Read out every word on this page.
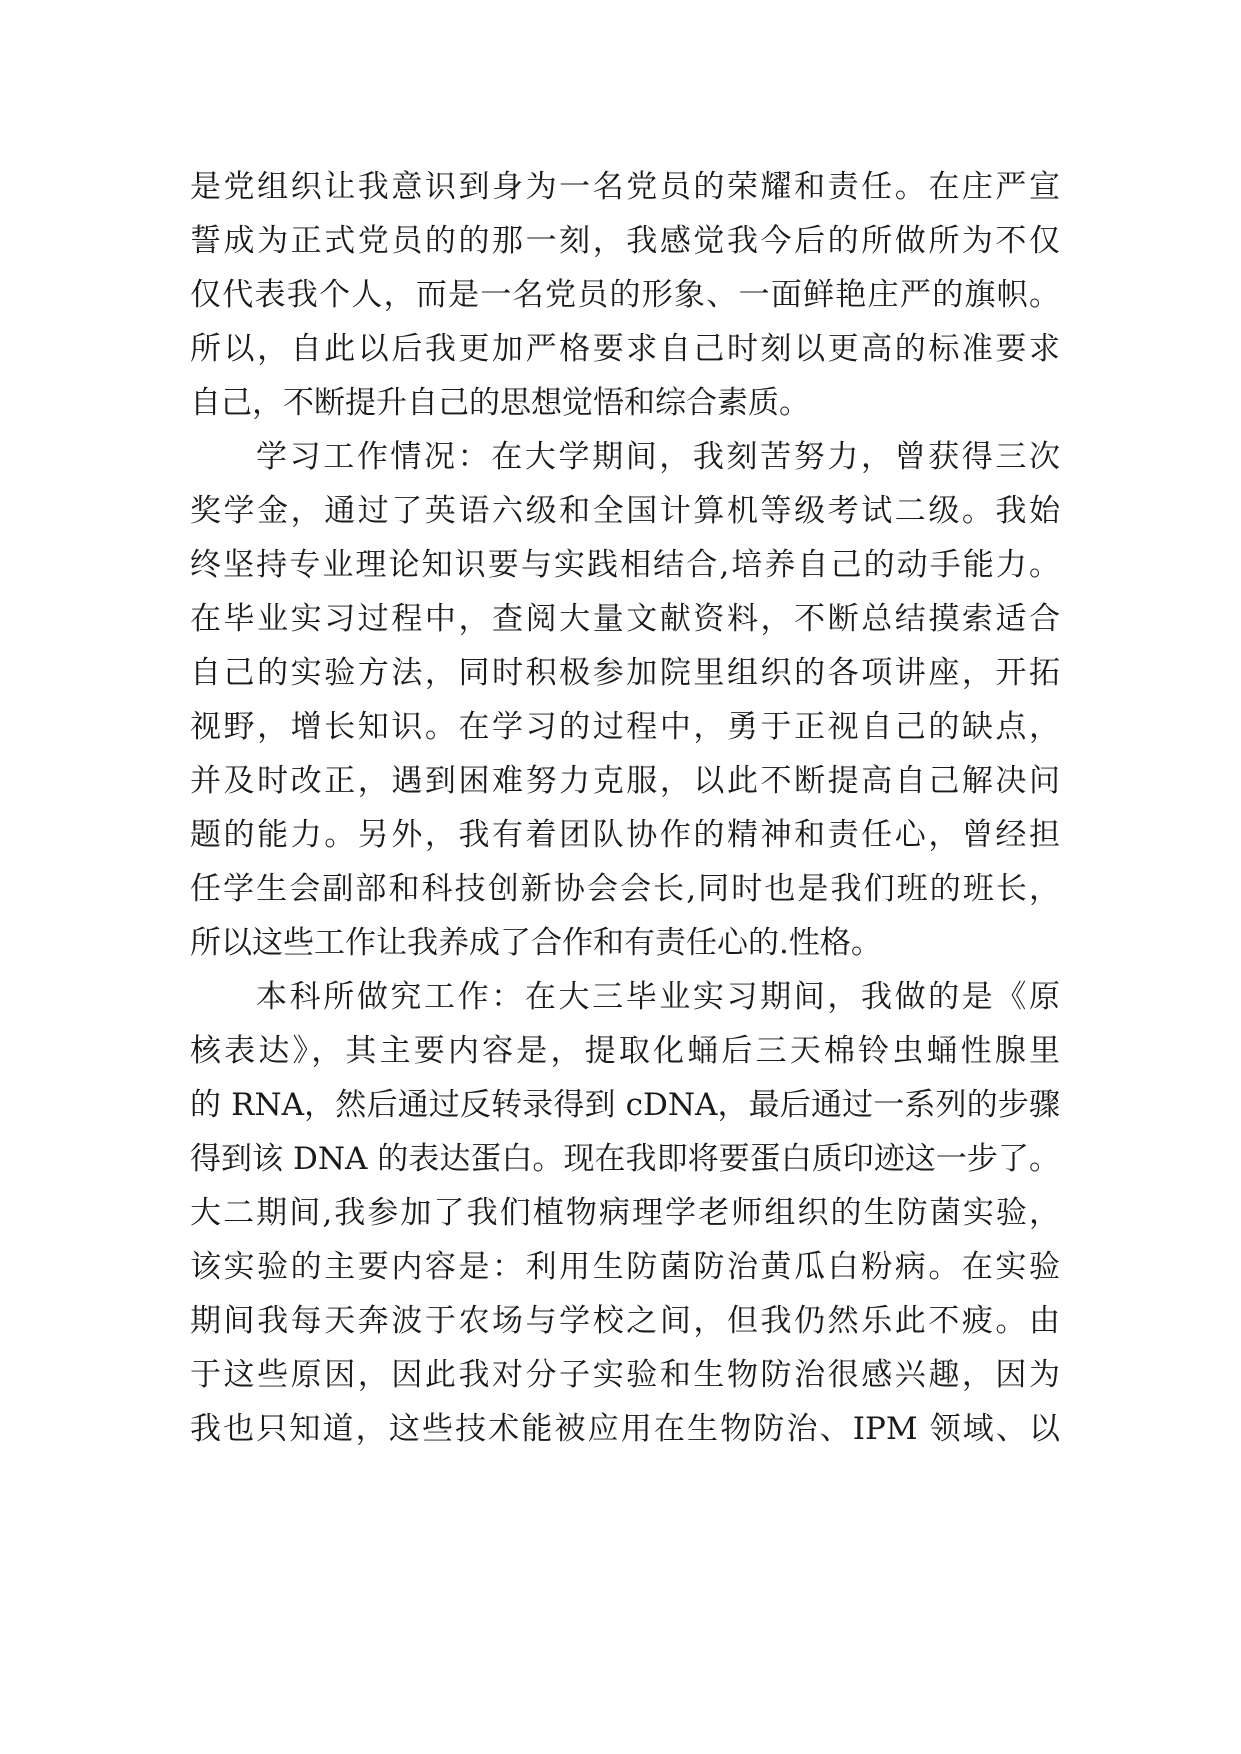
是党组织让我意识到身为一名党员的荣耀和责任。在庄严宣
誓成为正式党员的的那一刻，我感觉我今后的所做所为不仅
仅代表我个人，而是一名党员的形象、一面鲜艳庄严的旗帜。
所以，自此以后我更加严格要求自己时刻以更高的标准要求
自己，不断提升自己的思想觉悟和综合素质。
学习工作情况：在大学期间，我刻苦努力，曾获得三次
奖学金，通过了英语六级和全国计算机等级考试二级。我始
终坚持专业理论知识要与实践相结合,培养自己的动手能力。
在毕业实习过程中，查阅大量文献资料，不断总结摸索适合
自己的实验方法，同时积极参加院里组织的各项讲座，开拓
视野，增长知识。在学习的过程中，勇于正视自己的缺点，
并及时改正，遇到困难努力克服，以此不断提高自己解决问
题的能力。另外，我有着团队协作的精神和责任心，曾经担
任学生会副部和科技创新协会会长,同时也是我们班的班长，
所以这些工作让我养成了合作和有责任心的.性格。
本科所做究工作：在大三毕业实习期间，我做的是《原
核表达》，其主要内容是，提取化蛹后三天棉铃虫蛹性腺里
的 RNA，然后通过反转录得到 cDNA，最后通过一系列的步骤
得到该 DNA 的表达蛋白。现在我即将要蛋白质印迹这一步了。
大二期间,我参加了我们植物病理学老师组织的生防菌实验，
该实验的主要内容是：利用生防菌防治黄瓜白粉病。在实验
期间我每天奔波于农场与学校之间，但我仍然乐此不疲。由
于这些原因，因此我对分子实验和生物防治很感兴趣，因为
我也只知道，这些技术能被应用在生物防治、IPM 领域、以
